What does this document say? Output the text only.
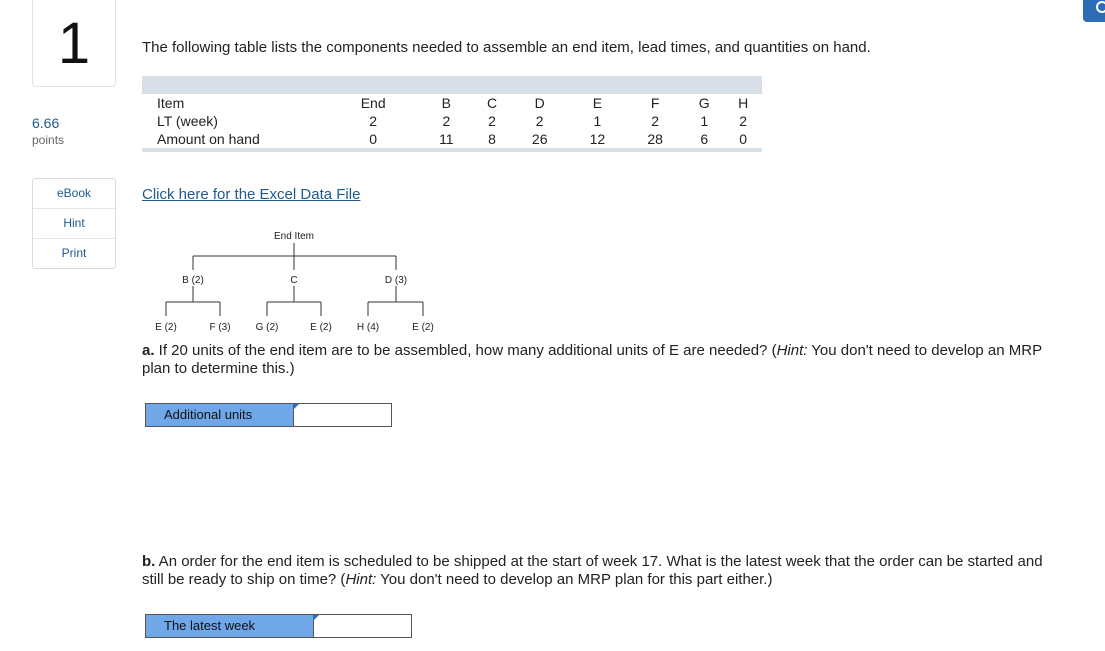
1
6.66
points
eBook
Hint
Print
The following table lists the components needed to assemble an end item, lead times, and quantities on hand.
Item	End	B	C	D	E	F	G	H
LT (week)	2	2	2	2	1	2	1	2
Amount on hand	0	11	8	26	12	28	6	0
Click here for the Excel Data File
End Item
B (2)	C	D (3)
E (2)	F (3)	G (2)	E (2)	H (4)	E (2)
a. If 20 units of the end item are to be assembled, how many additional units of E are needed? (Hint: You don't need to develop an MRP plan to determine this.)
Additional units
b. An order for the end item is scheduled to be shipped at the start of week 17. What is the latest week that the order can be started and still be ready to ship on time? (Hint: You don't need to develop an MRP plan for this part either.)
The latest week
